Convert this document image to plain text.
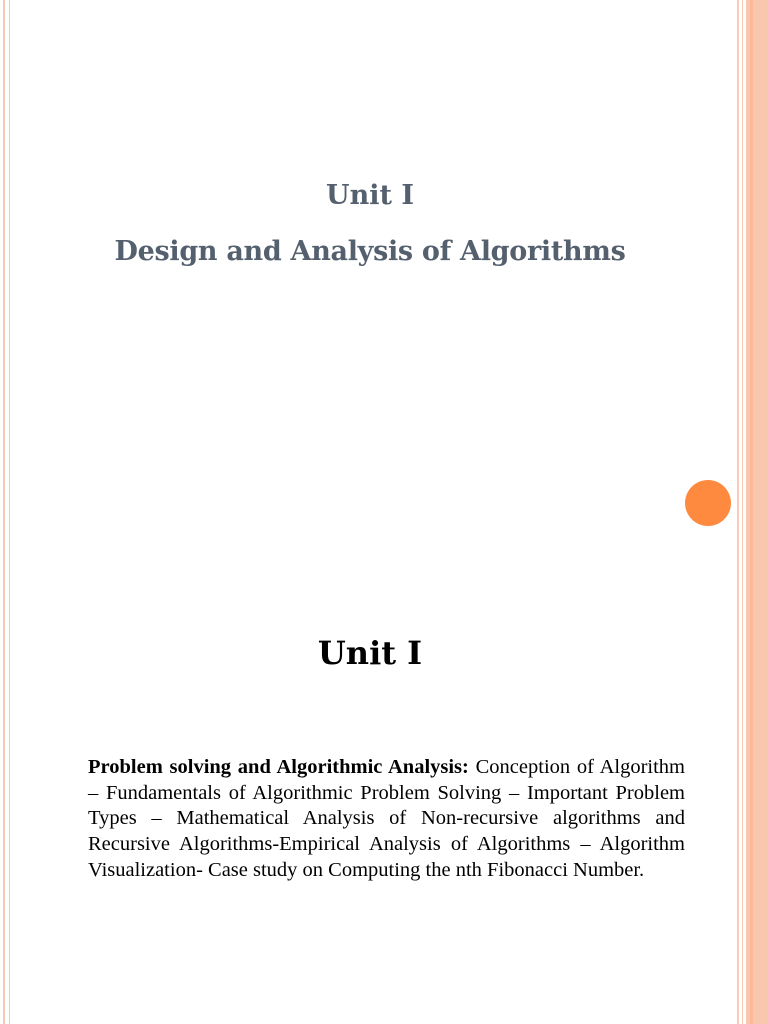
Unit I
Design and Analysis of Algorithms
Unit I

Problem solving and Algorithmic Analysis: Conception of Algorithm – Fundamentals of Algorithmic Problem Solving – Important Problem Types – Mathematical Analysis of Non-recursive algorithms and Recursive Algorithms-Empirical Analysis of Algorithms – Algorithm Visualization- Case study on Computing the nth Fibonacci Number.
